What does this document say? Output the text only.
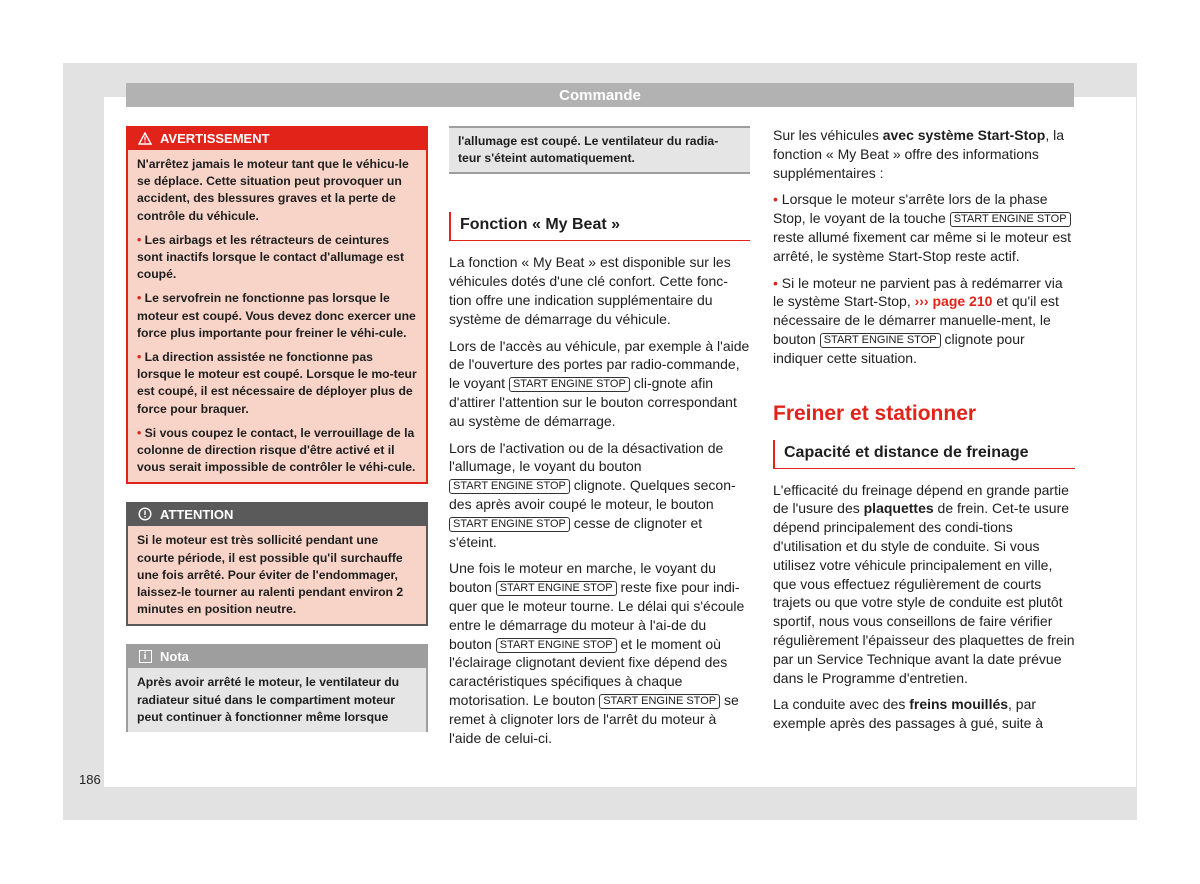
Commande
186
AVERTISSEMENT

N'arrêtez jamais le moteur tant que le véhicu-le se déplace. Cette situation peut provoquer un accident, des blessures graves et la perte de contrôle du véhicule.

• Les airbags et les rétracteurs de ceintures sont inactifs lorsque le contact d'allumage est coupé.

• Le servofrein ne fonctionne pas lorsque le moteur est coupé. Vous devez donc exercer une force plus importante pour freiner le véhi-cule.

• La direction assistée ne fonctionne pas lorsque le moteur est coupé. Lorsque le mo-teur est coupé, il est nécessaire de déployer plus de force pour braquer.

• Si vous coupez le contact, le verrouillage de la colonne de direction risque d'être activé et il vous serait impossible de contrôler le véhi-cule.

ATTENTION

Si le moteur est très sollicité pendant une courte période, il est possible qu'il surchauffe une fois arrêté. Pour éviter de l'endommager, laissez-le tourner au ralenti pendant environ 2 minutes en position neutre.

i	Nota

Après avoir arrêté le moteur, le ventilateur du radiateur situé dans le compartiment moteur peut continuer à fonctionner même lorsque

l'allumage est coupé. Le ventilateur du radia-teur s'éteint automatiquement.
Fonction « My Beat »

La fonction « My Beat » est disponible sur les véhicules dotés d'une clé confort. Cette fonc-tion offre une indication supplémentaire du système de démarrage du véhicule.

Lors de l'accès au véhicule, par exemple à l'aide de l'ouverture des portes par radio-commande, le voyant START ENGINE STOP cli-gnote afin d'attirer l'attention sur le bouton correspondant au système de démarrage.

Lors de l'activation ou de la désactivation de l'allumage, le voyant du bouton START ENGINE STOP clignote. Quelques secon-des après avoir coupé le moteur, le bouton START ENGINE STOP cesse de clignoter et s'éteint.

Une fois le moteur en marche, le voyant du bouton START ENGINE STOP reste fixe pour indi-quer que le moteur tourne. Le délai qui s'écoule entre le démarrage du moteur à l'ai-de du bouton START ENGINE STOP et le moment où l'éclairage clignotant devient fixe dépend des caractéristiques spécifiques à chaque motorisation. Le bouton START ENGINE STOP se remet à clignoter lors de l'arrêt du moteur à l'aide de celui-ci.

Sur les véhicules avec système Start-Stop, la fonction « My Beat » offre des informations supplémentaires :

• Lorsque le moteur s'arrête lors de la phase Stop, le voyant de la touche START ENGINE STOP reste allumé fixement car même si le moteur est arrêté, le système Start-Stop reste actif.

• Si le moteur ne parvient pas à redémarrer via le système Start-Stop, ››› page 210 et qu'il est nécessaire de le démarrer manuelle-ment, le bouton START ENGINE STOP clignote pour indiquer cette situation.

Freiner et stationner
Capacité et distance de freinage

L'efficacité du freinage dépend en grande partie de l'usure des plaquettes de frein. Cet-te usure dépend principalement des condi-tions d'utilisation et du style de conduite. Si vous utilisez votre véhicule principalement en ville, que vous effectuez régulièrement de courts trajets ou que votre style de conduite est plutôt sportif, nous vous conseillons de faire vérifier régulièrement l'épaisseur des plaquettes de frein par un Service Technique avant la date prévue dans le Programme d'entretien.

La conduite avec des freins mouillés, par exemple après des passages à gué, suite à
